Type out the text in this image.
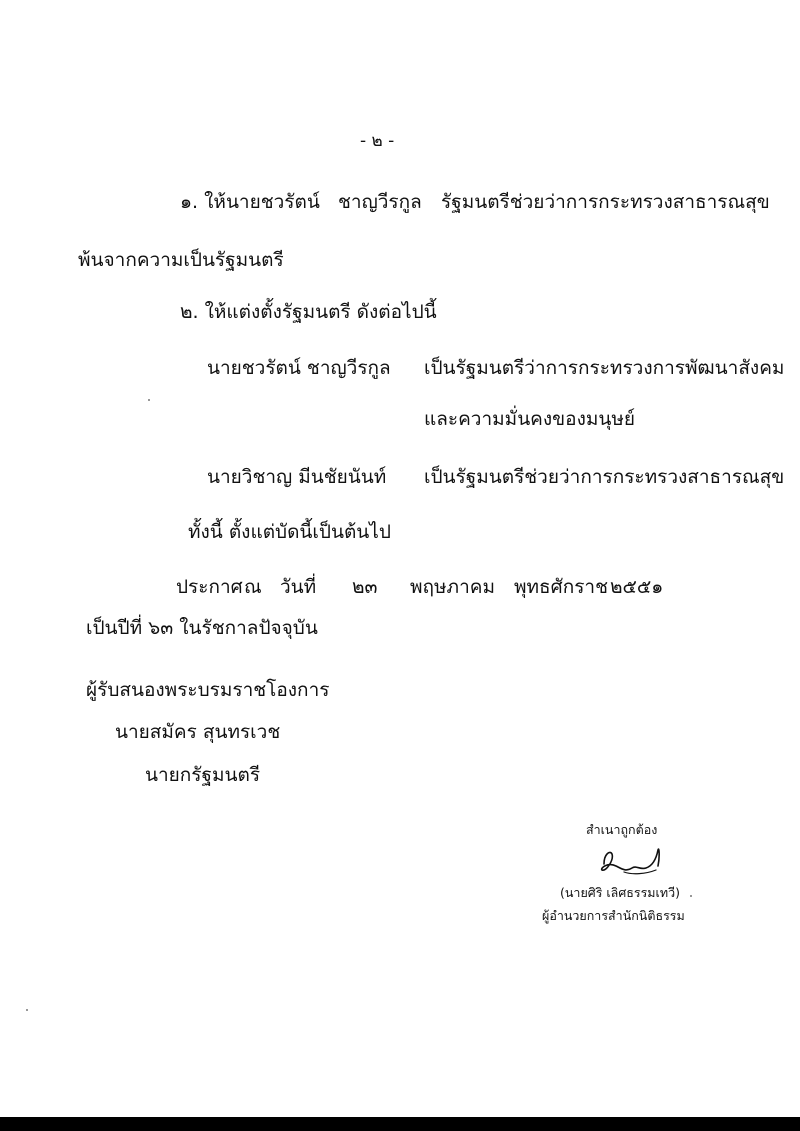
- ๒ -
๑. ให้นายชวรัตน์ ชาญวีรกูล รัฐมนตรีช่วยว่าการกระทรวงสาธารณสุข
พ้นจากความเป็นรัฐมนตรี
๒. ให้แต่งตั้งรัฐมนตรี ดังต่อไปนี้
นายชวรัตน์ ชาญวีรกูล เป็นรัฐมนตรีว่าการกระทรวงการพัฒนาสังคม
และความมั่นคงของมนุษย์
นายวิชาญ มีนชัยนันท์ เป็นรัฐมนตรีช่วยว่าการกระทรวงสาธารณสุข
ทั้งนี้ ตั้งแต่บัดนี้เป็นต้นไป
ประกาศ ณ วันที่ ๒๓ พฤษภาคม พุทธศักราช ๒๕๕๑
เป็นปีที่ ๖๓ ในรัชกาลปัจจุบัน
ผู้รับสนองพระบรมราชโองการ
นายสมัคร สุนทรเวช
นายกรัฐมนตรี
สำเนาถูกต้อง
(นายศิริ เลิศธรรมเทวี)
ผู้อำนวยการสำนักนิติธรรม
